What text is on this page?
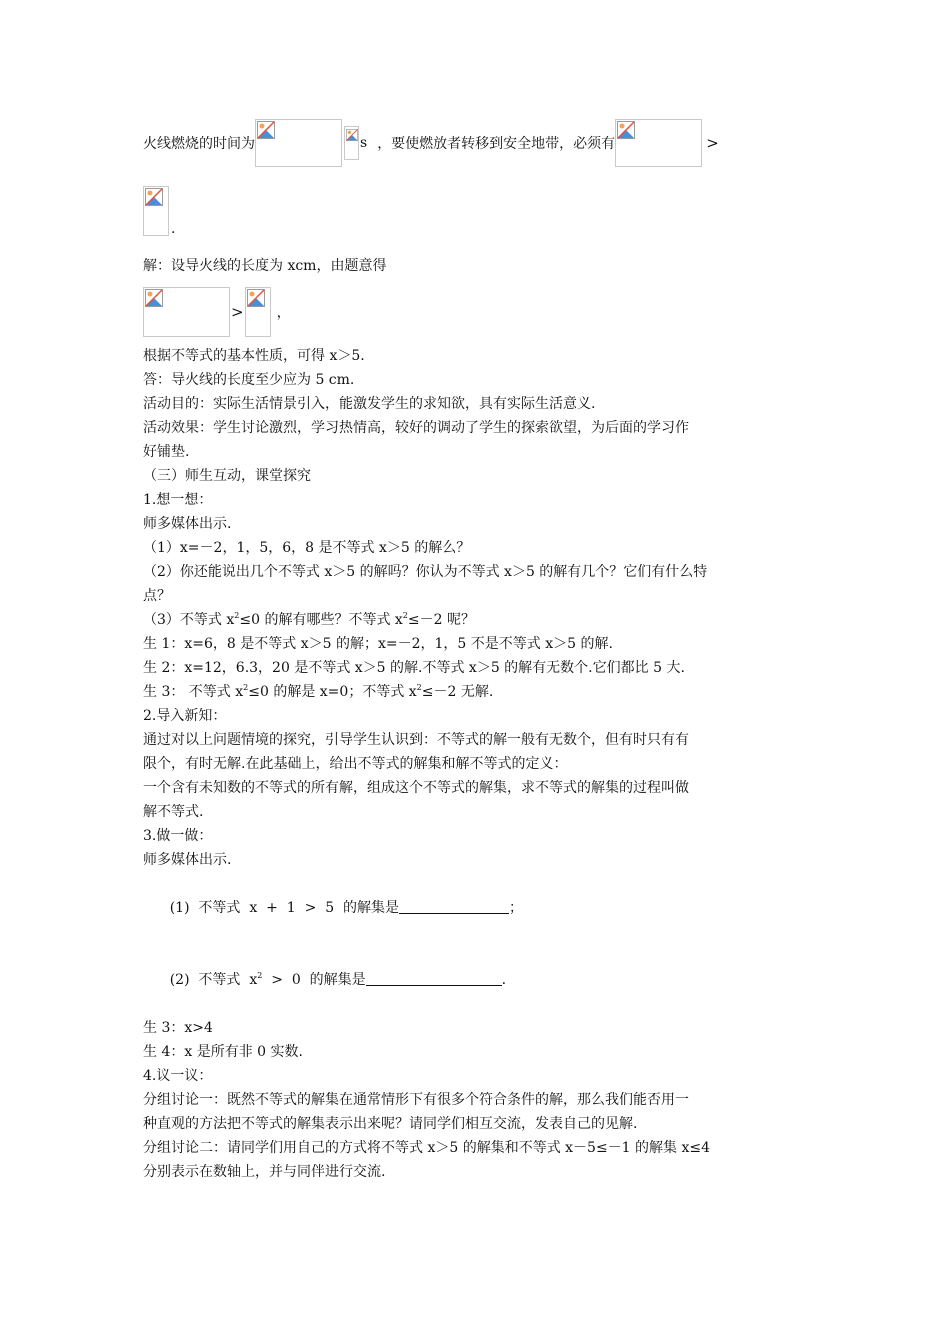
火线燃烧的时间为	s ，要使燃放者转移到安全地带，必须有	>
.
解：设导火线的长度为 xcm，由题意得
> ，
根据不等式的基本性质，可得 x＞5.
答：导火线的长度至少应为 5 cm.
活动目的：实际生活情景引入，能激发学生的求知欲，具有实际生活意义.
活动效果：学生讨论激烈，学习热情高，较好的调动了学生的探索欲望，为后面的学习作
好铺垫.
（三）师生互动，课堂探究
1.想一想：
师多媒体出示.
（1）x=－2，1，5，6，8 是不等式 x＞5 的解么？
（2）你还能说出几个不等式 x＞5 的解吗？你认为不等式 x＞5 的解有几个？它们有什么特
点？
（3）不等式 $x^2\le 0$ 的解有哪些？不等式 $x^2\le-2$ 呢？
生 1：x=6，8 是不等式 x＞5 的解；x=－2，1，5 不是不等式 x＞5 的解.
生 2：x=12，6.3，20 是不等式 x＞5 的解.不等式 x＞5 的解有无数个.它们都比 5 大.
生 3： 不等式 $x^2\le 0$ 的解是 x=0；不等式 $x^2\le-2$ 无解.
2.导入新知：
通过对以上问题情境的探究，引导学生认识到：不等式的解一般有无数个，但有时只有有
限个，有时无解.在此基础上，给出不等式的解集和解不等式的定义：
一个含有未知数的不等式的所有解，组成这个不等式的解集，求不等式的解集的过程叫做
解不等式.
3.做一做：
师多媒体出示.

(1)  不等式  x  +  1  >  5  的解集是	；

(2)  不等式  $x^2 > 0$  的解集是	.

生 3：x>4
生 4：x 是所有非 0 实数.
4.议一议：
分组讨论一：既然不等式的解集在通常情形下有很多个符合条件的解，那么我们能否用一
种直观的方法把不等式的解集表示出来呢？请同学们相互交流，发表自己的见解.
分组讨论二：请同学们用自己的方式将不等式 x＞5 的解集和不等式 x－5≤－1 的解集 x≤4
分别表示在数轴上，并与同伴进行交流.
